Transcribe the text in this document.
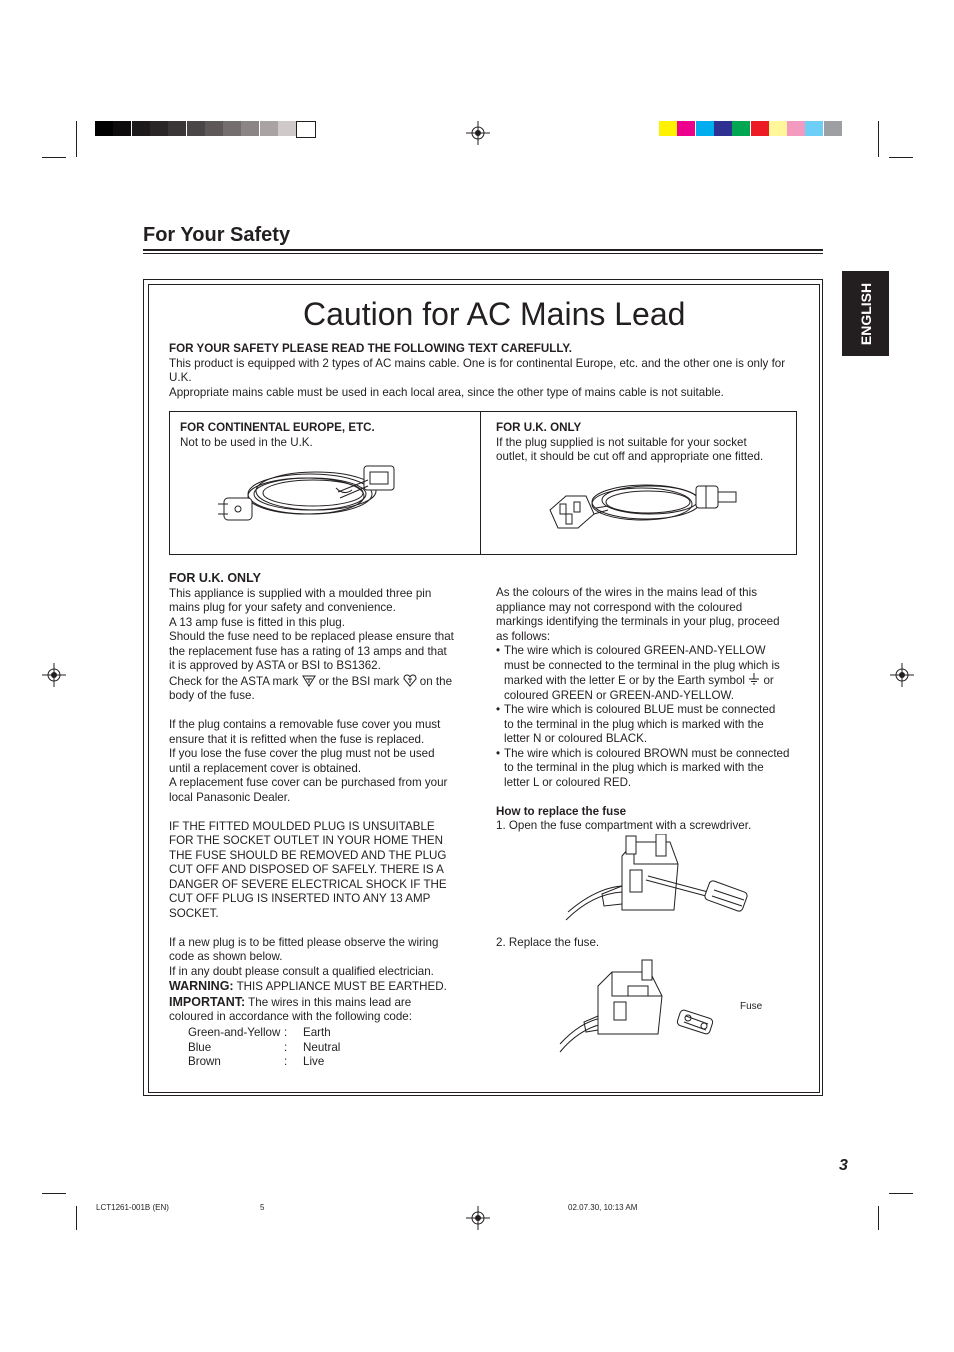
For Your Safety
ENGLISH
Caution for AC Mains Lead
FOR YOUR SAFETY PLEASE READ THE FOLLOWING TEXT CAREFULLY.
This product is equipped with 2 types of AC mains cable. One is for continental Europe, etc. and the other one is only for
U.K.
Appropriate mains cable must be used in each local area, since the other type of mains cable is not suitable.
FOR CONTINENTAL EUROPE, ETC.
Not to be used in the U.K.
FOR U.K. ONLY
If the plug supplied is not suitable for your socket
outlet, it should be cut off and appropriate one fitted.
FOR U.K. ONLY
This appliance is supplied with a moulded three pin
mains plug for your safety and convenience.
A 13 amp fuse is fitted in this plug.
Should the fuse need to be replaced please ensure that
the replacement fuse has a rating of 13 amps and that
it is approved by ASTA or BSI to BS1362.
Check for the ASTA mark or the BSI mark on the
body of the fuse.
If the plug contains a removable fuse cover you must
ensure that it is refitted when the fuse is replaced.
If you lose the fuse cover the plug must not be used
until a replacement cover is obtained.
A replacement fuse cover can be purchased from your
local Panasonic Dealer.
IF THE FITTED MOULDED PLUG IS UNSUITABLE
FOR THE SOCKET OUTLET IN YOUR HOME THEN
THE FUSE SHOULD BE REMOVED AND THE PLUG
CUT OFF AND DISPOSED OF SAFELY. THERE IS A
DANGER OF SEVERE ELECTRICAL SHOCK IF THE
CUT OFF PLUG IS INSERTED INTO ANY 13 AMP
SOCKET.
If a new plug is to be fitted please observe the wiring
code as shown below.
If in any doubt please consult a qualified electrician.
WARNING: THIS APPLIANCE MUST BE EARTHED.
IMPORTANT: The wires in this mains lead are
coloured in accordance with the following code:
Green-and-Yellow	:	Earth
Blue	:	Neutral
Brown	:	Live
As the colours of the wires in the mains lead of this
appliance may not correspond with the coloured
markings identifying the terminals in your plug, proceed
as follows:
• The wire which is coloured GREEN-AND-YELLOW
must be connected to the terminal in the plug which is
marked with the letter E or by the Earth symbol or
coloured GREEN or GREEN-AND-YELLOW.
• The wire which is coloured BLUE must be connected
to the terminal in the plug which is marked with the
letter N or coloured BLACK.
• The wire which is coloured BROWN must be connected
to the terminal in the plug which is marked with the
letter L or coloured RED.
How to replace the fuse
1. Open the fuse compartment with a screwdriver.
2. Replace the fuse.
Fuse
3
LCT1261-001B (EN)	5	02.07.30, 10:13 AM
